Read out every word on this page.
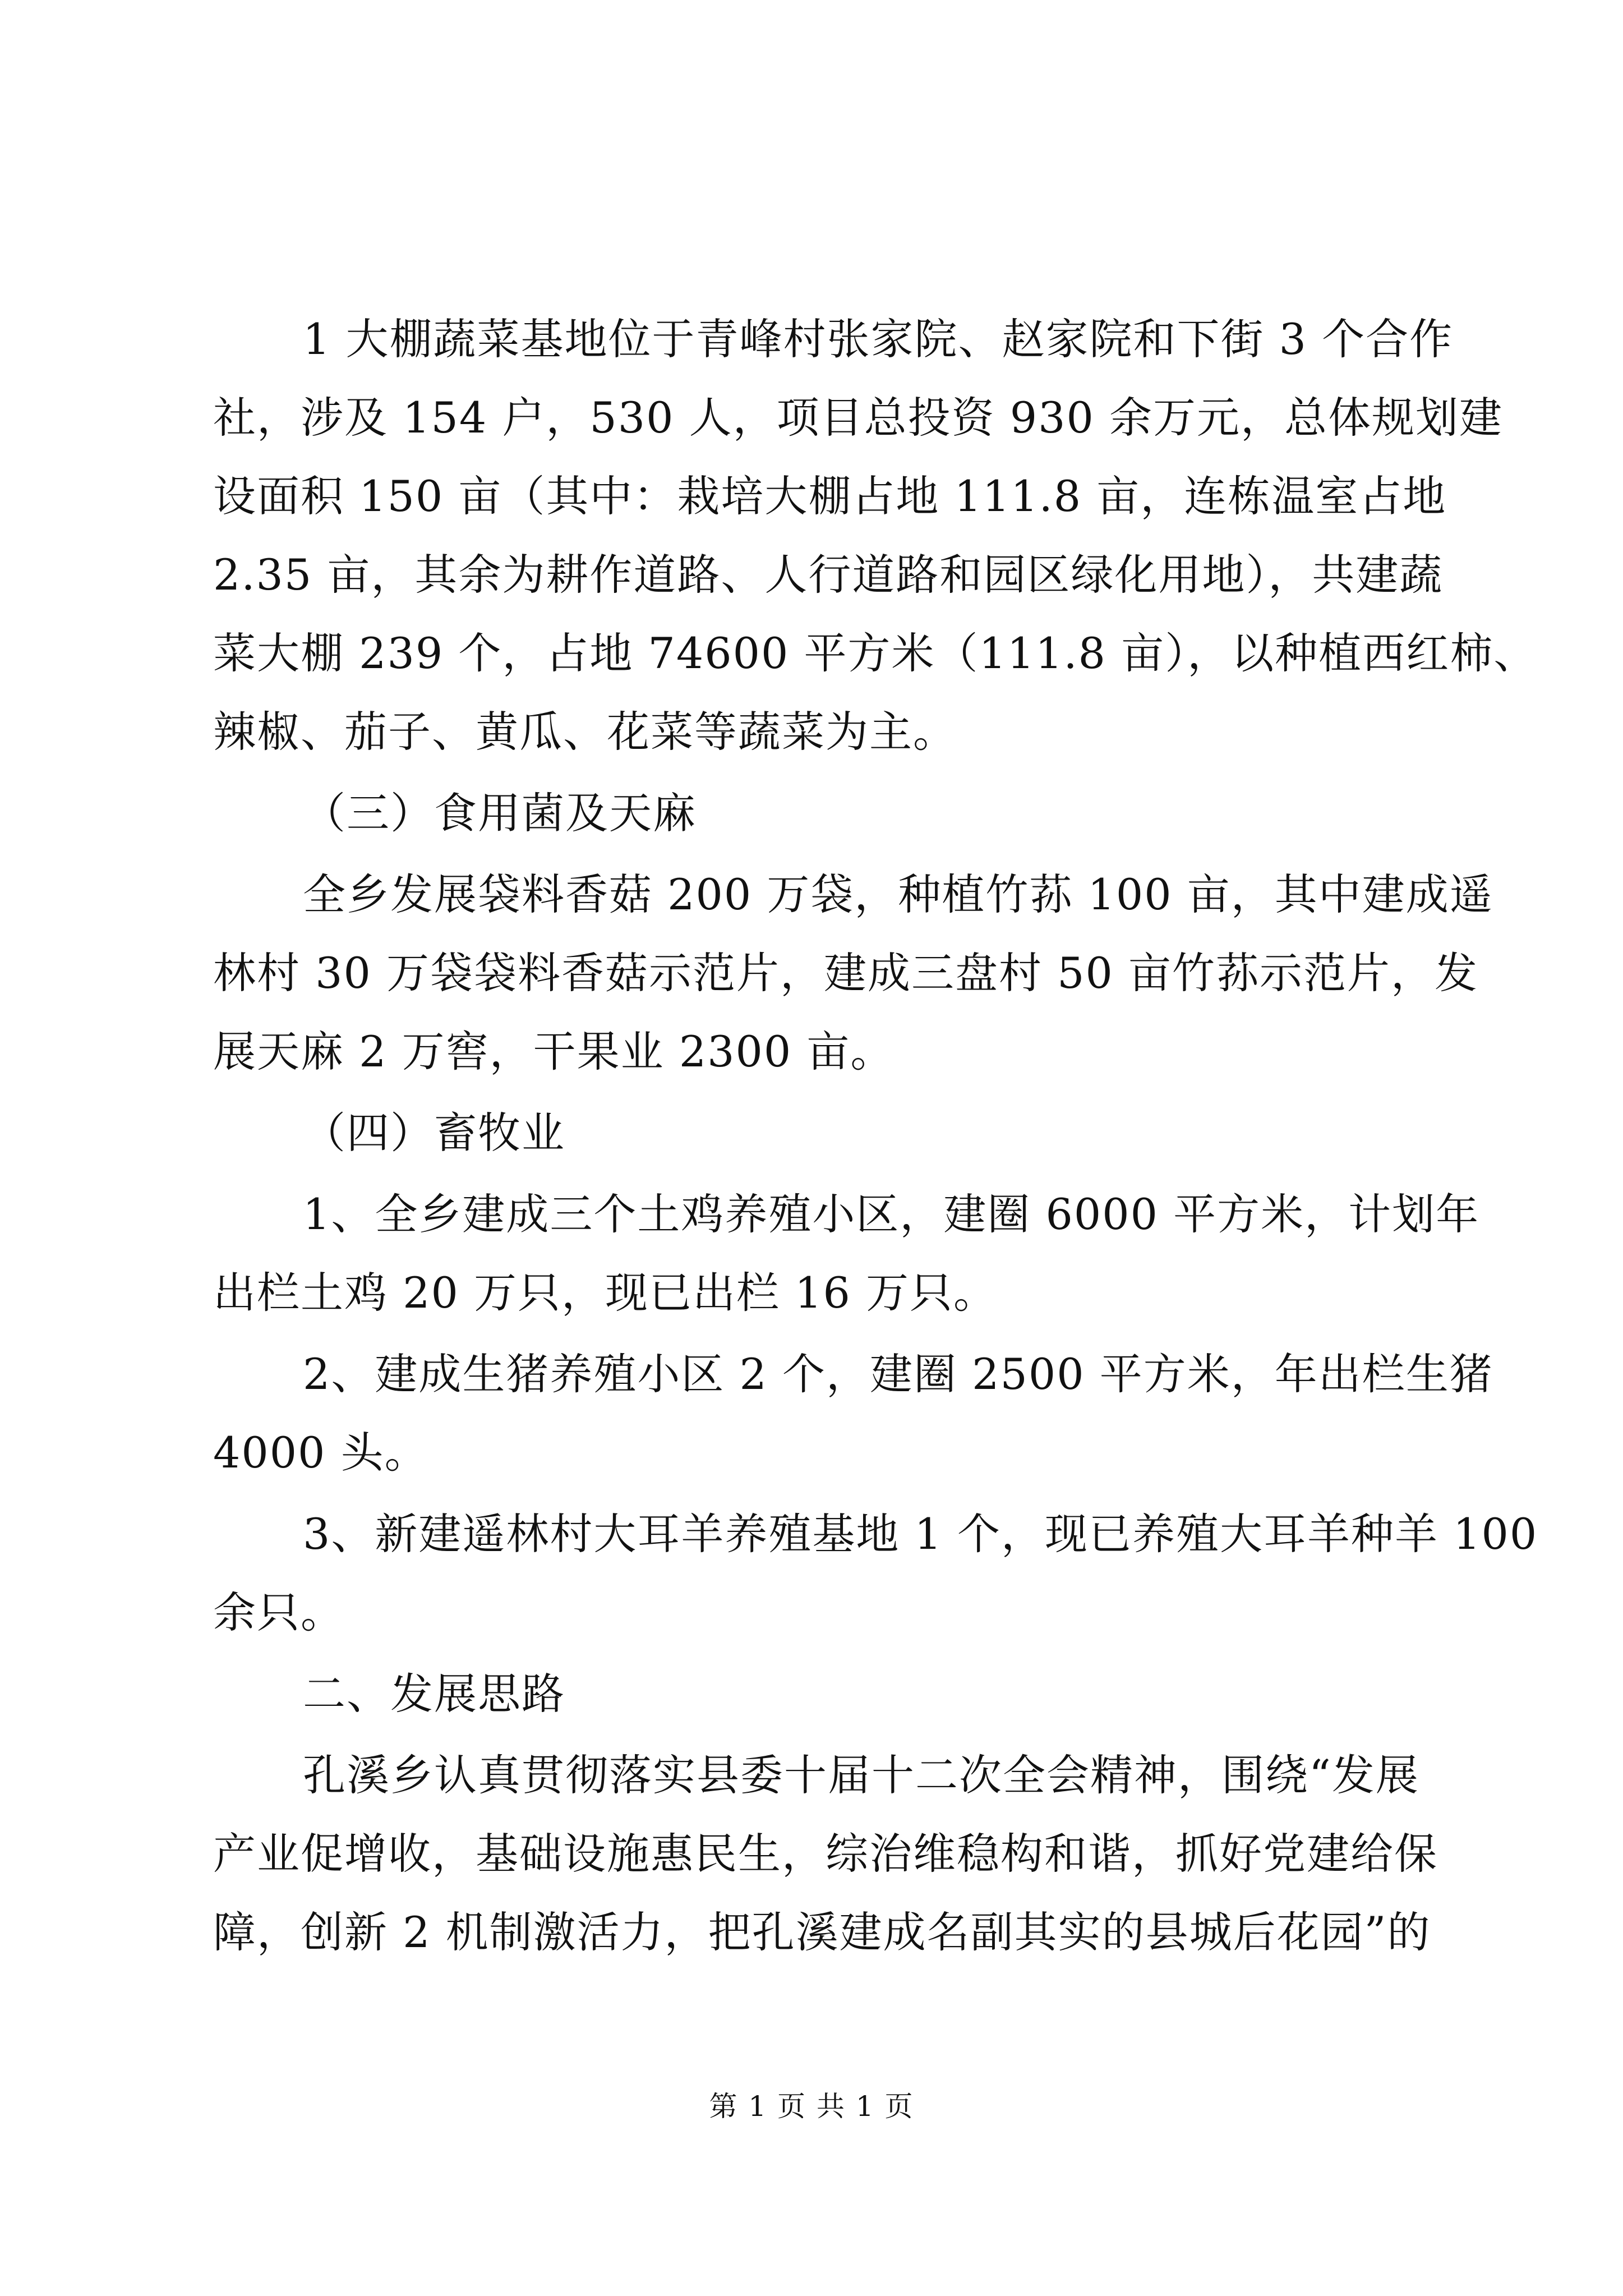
1 大棚蔬菜基地位于青峰村张家院、赵家院和下街 3 个合作

社，涉及 154 户，530 人，项目总投资 930 余万元，总体规划建

设面积 150 亩（其中：栽培大棚占地 111.8 亩，连栋温室占地

2.35 亩，其余为耕作道路、人行道路和园区绿化用地），共建蔬

菜大棚 239 个，占地 74600 平方米（111.8 亩），以种植西红柿、

辣椒、茄子、黄瓜、花菜等蔬菜为主。

（三）食用菌及天麻

全乡发展袋料香菇 200 万袋，种植竹荪 100 亩，其中建成遥

林村 30 万袋袋料香菇示范片，建成三盘村 50 亩竹荪示范片，发

展天麻 2 万窖，干果业 2300 亩。

（四）畜牧业

1、全乡建成三个土鸡养殖小区，建圈 6000 平方米，计划年

出栏土鸡 20 万只，现已出栏 16 万只。

2、建成生猪养殖小区 2 个，建圈 2500 平方米，年出栏生猪

4000 头。

3、新建遥林村大耳羊养殖基地 1 个，现已养殖大耳羊种羊 100

余只。

二、发展思路

孔溪乡认真贯彻落实县委十届十二次全会精神，围绕“发展

产业促增收，基础设施惠民生，综治维稳构和谐，抓好党建给保

障，创新 2 机制激活力，把孔溪建成名副其实的县城后花园”的

第 1 页 共 1 页
